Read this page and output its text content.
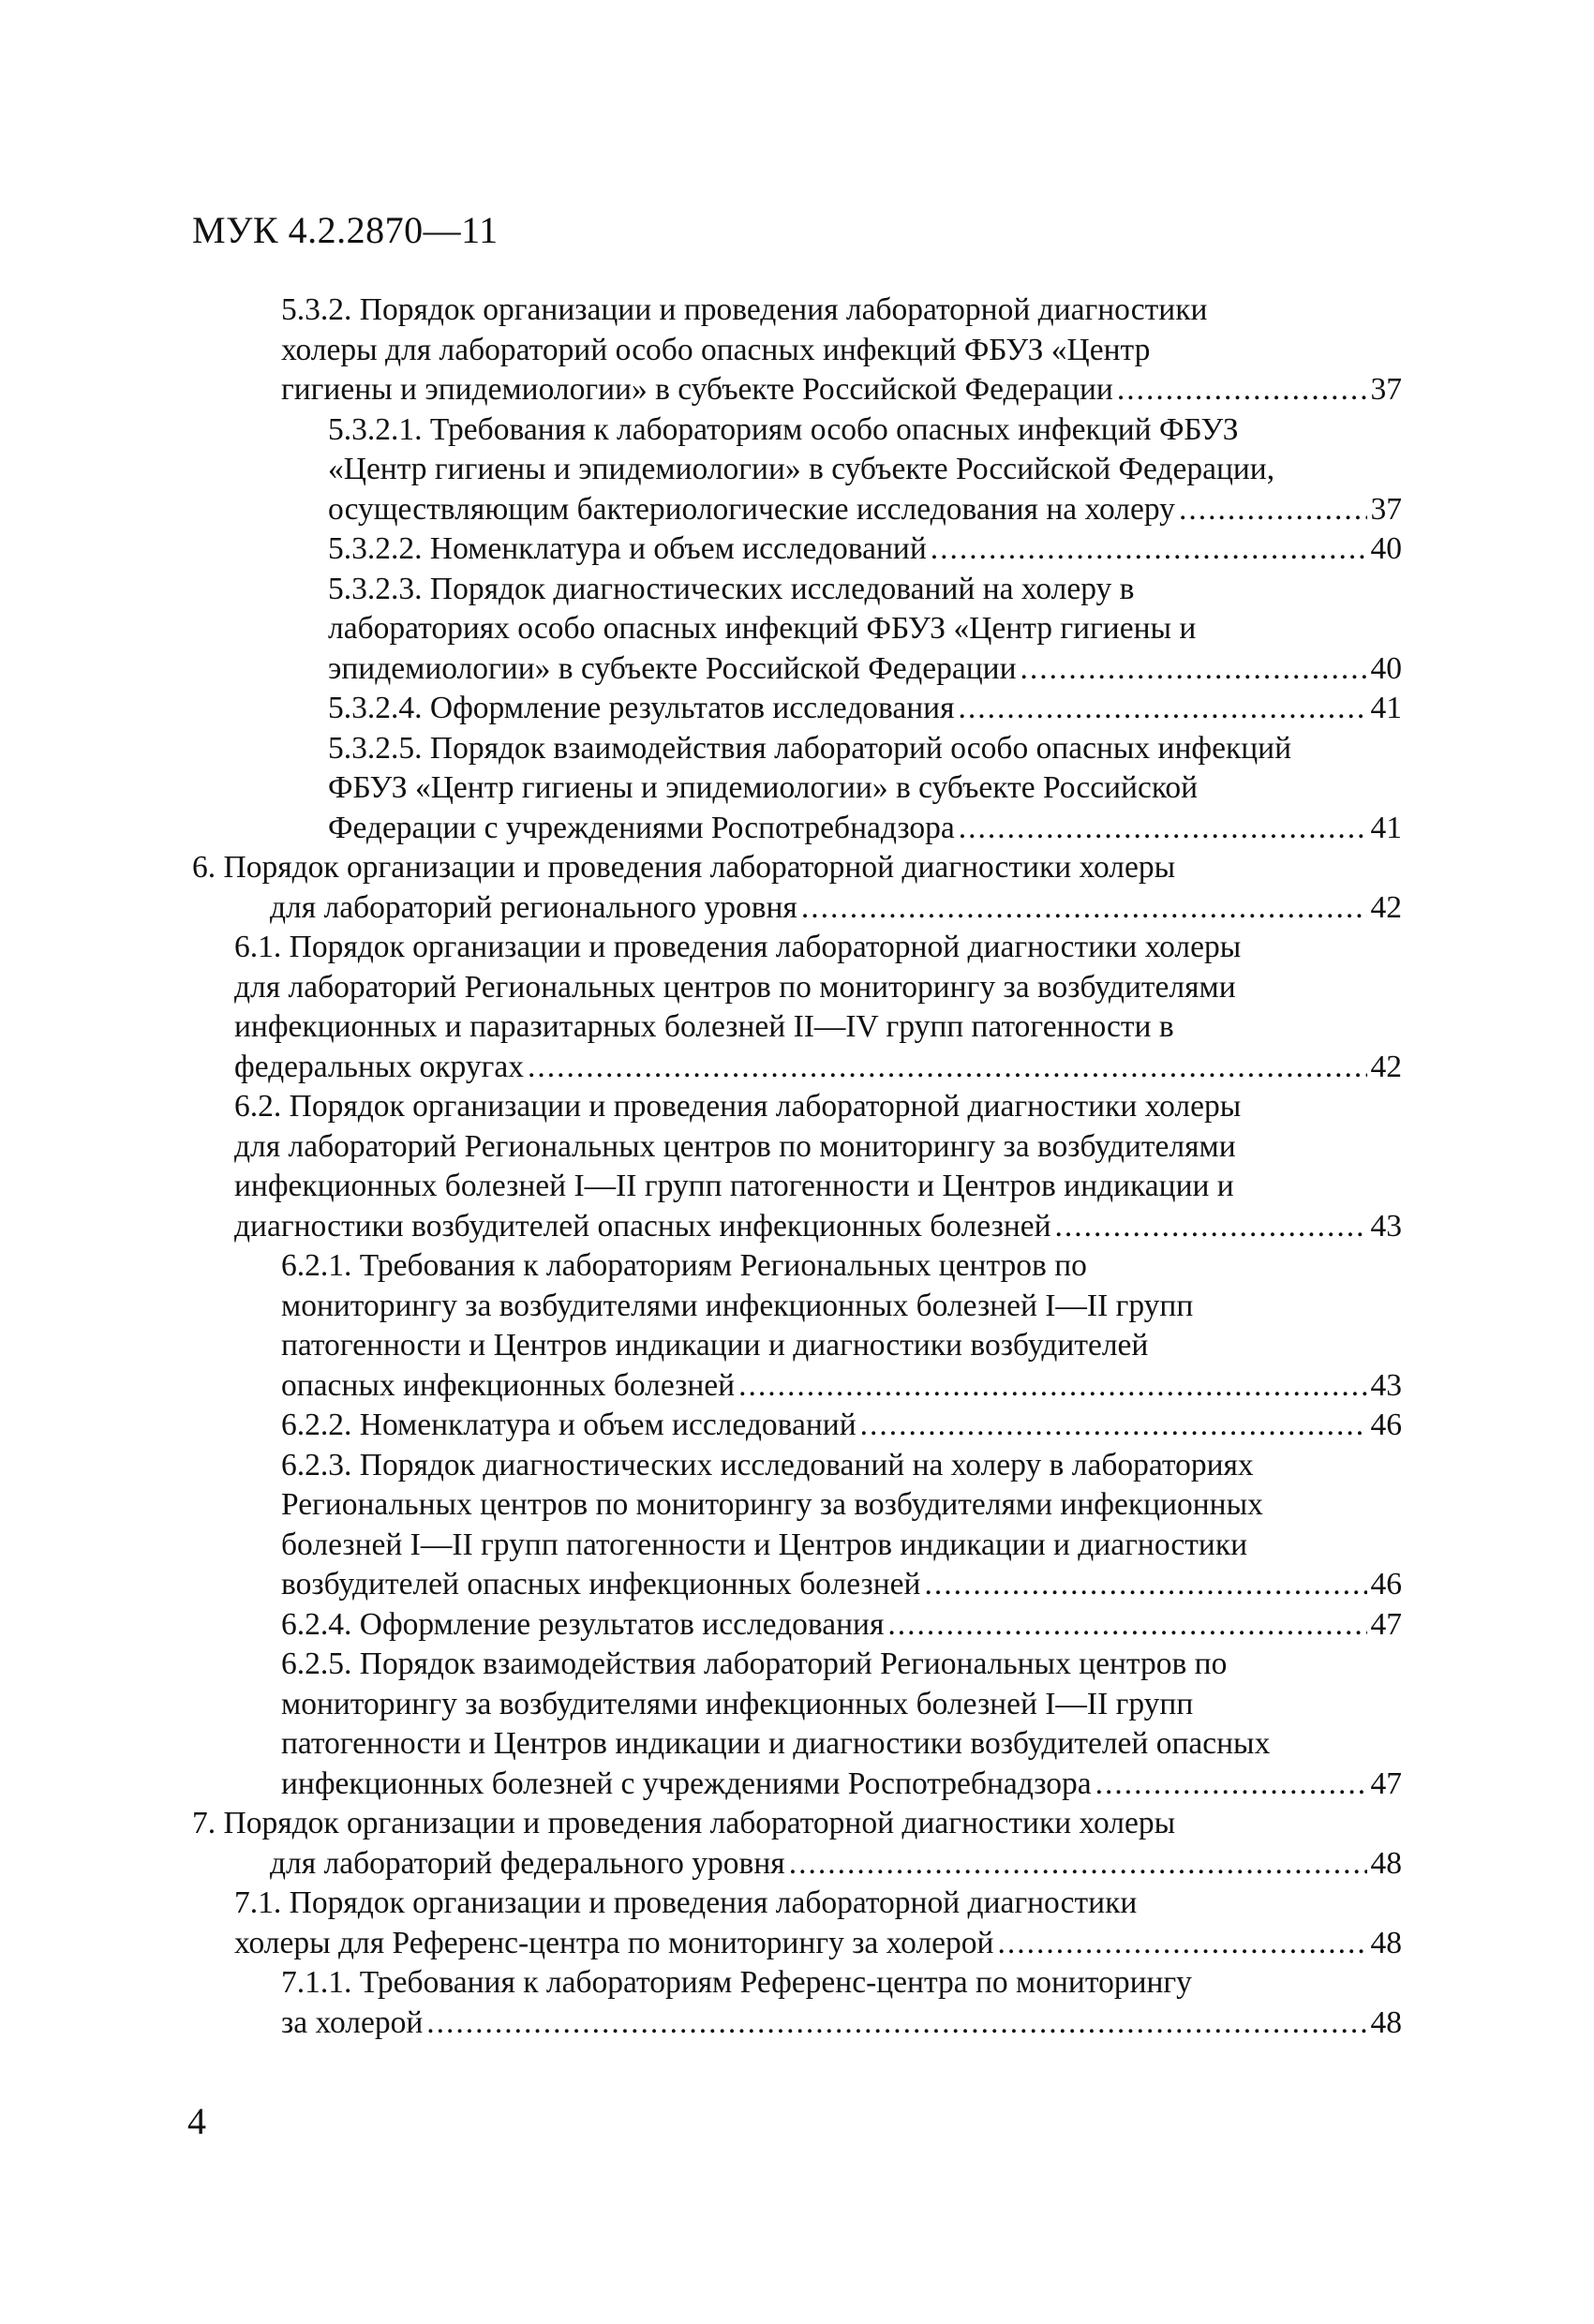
МУК 4.2.2870—11
5.3.2. Порядок организации и проведения лабораторной диагностики
холеры для лабораторий особо опасных инфекций ФБУЗ «Центр
гигиены и эпидемиологии» в субъекте Российской Федерации .....	37
5.3.2.1. Требования к лабораториям особо опасных инфекций ФБУЗ
«Центр гигиены и эпидемиологии» в субъекте Российской Федерации,
осуществляющим бактериологические исследования на холеру .....	37
5.3.2.2. Номенклатура и объем исследований .....	40
5.3.2.3. Порядок диагностических исследований на холеру в
лабораториях особо опасных инфекций ФБУЗ «Центр гигиены и
эпидемиологии» в субъекте Российской Федерации .....	40
5.3.2.4. Оформление результатов исследования .....	41
5.3.2.5. Порядок взаимодействия лабораторий особо опасных инфекций
ФБУЗ «Центр гигиены и эпидемиологии» в субъекте Российской
Федерации с учреждениями Роспотребнадзора .....	41
6. Порядок организации и проведения лабораторной диагностики холеры
для лабораторий регионального уровня .....	42
6.1. Порядок организации и проведения лабораторной диагностики холеры
для лабораторий Региональных центров по мониторингу за возбудителями
инфекционных и паразитарных болезней II—IV групп патогенности в
федеральных округах .....	42
6.2. Порядок организации и проведения лабораторной диагностики холеры
для лабораторий Региональных центров по мониторингу за возбудителями
инфекционных болезней I—II групп патогенности и Центров индикации и
диагностики возбудителей опасных инфекционных болезней .....	43
6.2.1. Требования к лабораториям Региональных центров по
мониторингу за возбудителями инфекционных болезней I—II групп
патогенности и Центров индикации и диагностики возбудителей
опасных инфекционных болезней .....	43
6.2.2. Номенклатура и объем исследований .....	46
6.2.3. Порядок диагностических исследований на холеру в лабораториях
Региональных центров по мониторингу за возбудителями инфекционных
болезней I—II групп патогенности и Центров индикации и диагностики
возбудителей опасных инфекционных болезней .....	46
6.2.4. Оформление результатов исследования .....	47
6.2.5. Порядок взаимодействия лабораторий Региональных центров по
мониторингу за возбудителями инфекционных болезней I—II групп
патогенности и Центров индикации и диагностики возбудителей опасных
инфекционных болезней с учреждениями Роспотребнадзора .....	47
7. Порядок организации и проведения лабораторной диагностики холеры
для лабораторий федерального уровня .....	48
7.1. Порядок организации и проведения лабораторной диагностики
холеры для Референс-центра по мониторингу за холерой .....	48
7.1.1. Требования к лабораториям Референс-центра по мониторингу
за холерой .....	48
4
